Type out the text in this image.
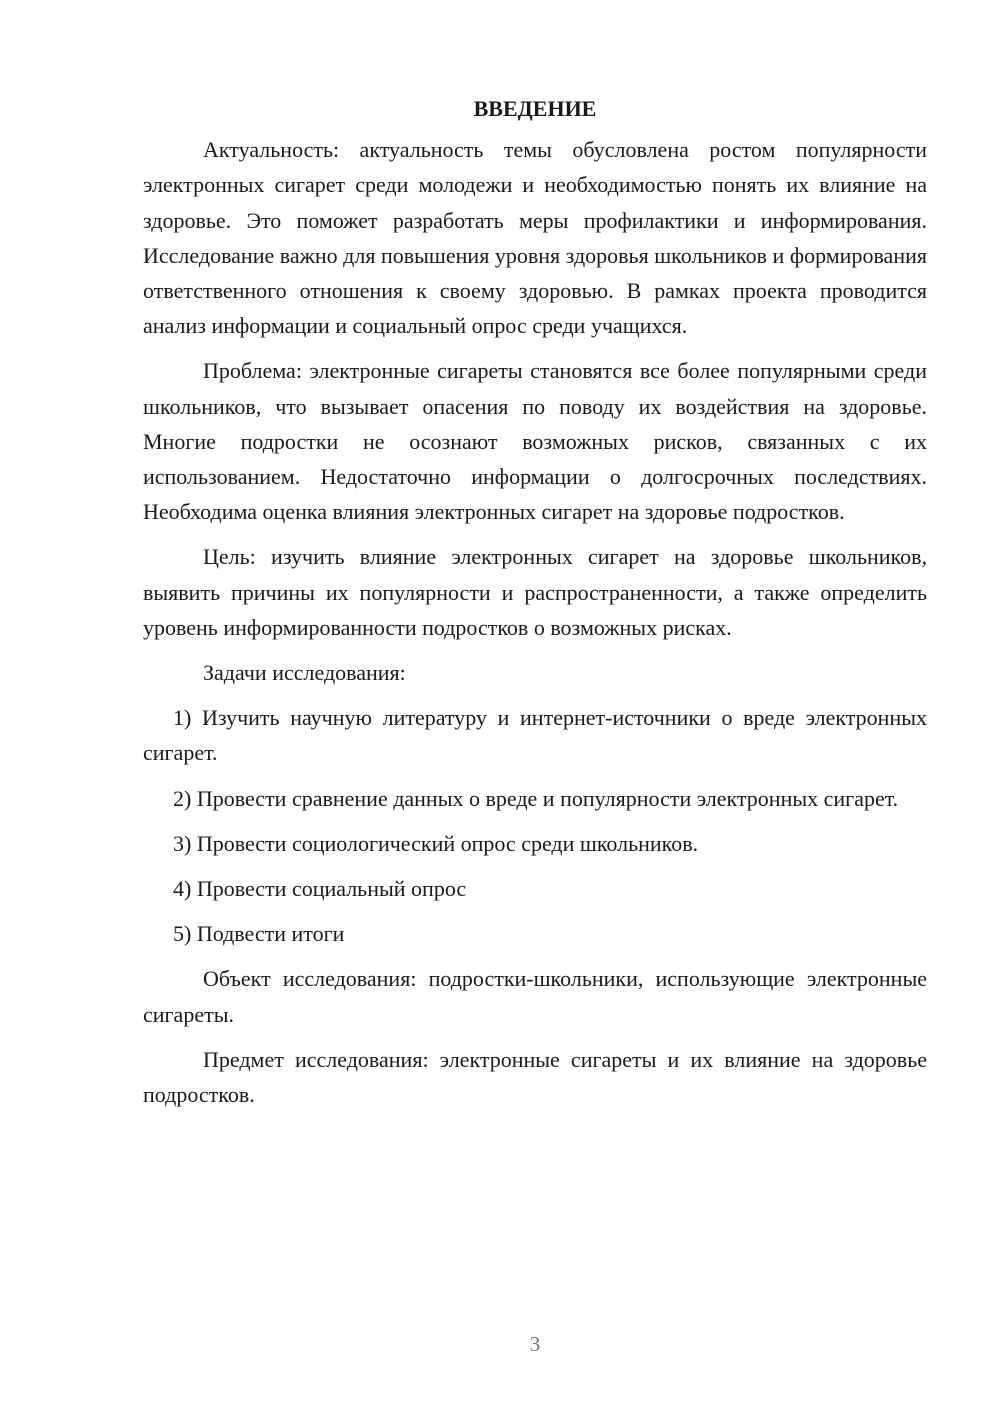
ВВЕДЕНИЕ

Актуальность: актуальность темы обусловлена ростом популярности электронных сигарет среди молодежи и необходимостью понять их влияние на здоровье. Это поможет разработать меры профилактики и информирования. Исследование важно для повышения уровня здоровья школьников и формирования ответственного отношения к своему здоровью. В рамках проекта проводится анализ информации и социальный опрос среди учащихся.

Проблема: электронные сигареты становятся все более популярными среди школьников, что вызывает опасения по поводу их воздействия на здоровье. Многие подростки не осознают возможных рисков, связанных с их использованием. Недостаточно информации о долгосрочных последствиях. Необходима оценка влияния электронных сигарет на здоровье подростков.

Цель: изучить влияние электронных сигарет на здоровье школьников, выявить причины их популярности и распространенности, а также определить уровень информированности подростков о возможных рисках.

Задачи исследования:

1) Изучить научную литературу и интернет-источники о вреде электронных сигарет.

2) Провести сравнение данных о вреде и популярности электронных сигарет.

3) Провести социологический опрос среди школьников.

4) Провести социальный опрос

5) Подвести итоги

Объект исследования: подростки-школьники, использующие электронные сигареты.

Предмет исследования: электронные сигареты и их влияние на здоровье подростков.

3
